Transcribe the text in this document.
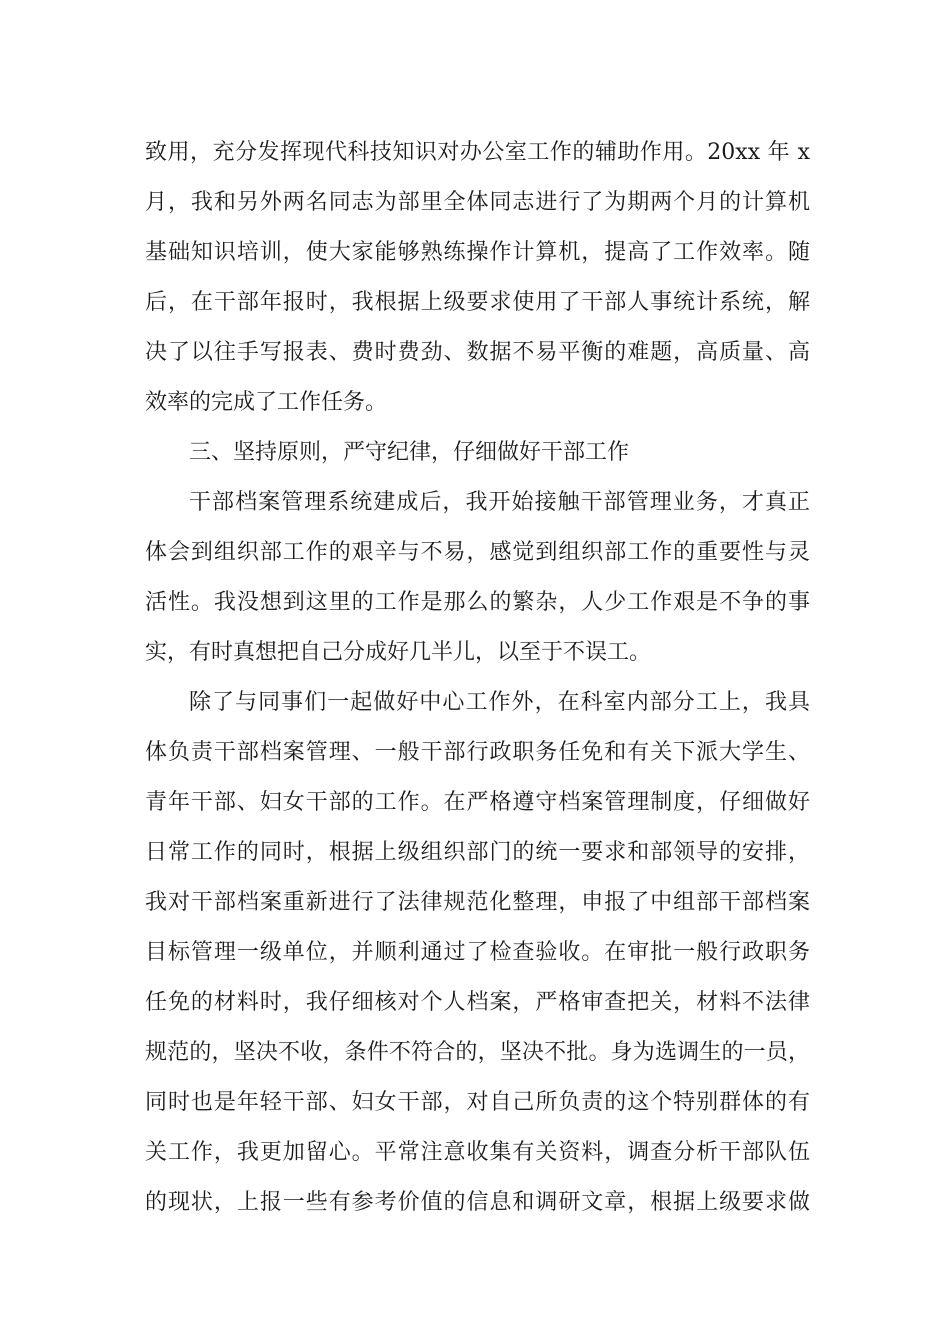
致用，充分发挥现代科技知识对办公室工作的辅助作用。20xx 年 x
月，我和另外两名同志为部里全体同志进行了为期两个月的计算机
基础知识培训，使大家能够熟练操作计算机，提高了工作效率。随
后，在干部年报时，我根据上级要求使用了干部人事统计系统，解
决了以往手写报表、费时费劲、数据不易平衡的难题，高质量、高
效率的完成了工作任务。
三、坚持原则，严守纪律，仔细做好干部工作
干部档案管理系统建成后，我开始接触干部管理业务，才真正
体会到组织部工作的艰辛与不易，感觉到组织部工作的重要性与灵
活性。我没想到这里的工作是那么的繁杂，人少工作艰是不争的事
实，有时真想把自己分成好几半儿，以至于不误工。
除了与同事们一起做好中心工作外，在科室内部分工上，我具
体负责干部档案管理、一般干部行政职务任免和有关下派大学生、
青年干部、妇女干部的工作。在严格遵守档案管理制度，仔细做好
日常工作的同时，根据上级组织部门的统一要求和部领导的安排，
我对干部档案重新进行了法律规范化整理，申报了中组部干部档案
目标管理一级单位，并顺利通过了检查验收。在审批一般行政职务
任免的材料时，我仔细核对个人档案，严格审查把关，材料不法律
规范的，坚决不收，条件不符合的，坚决不批。身为选调生的一员，
同时也是年轻干部、妇女干部，对自己所负责的这个特别群体的有
关工作，我更加留心。平常注意收集有关资料，调查分析干部队伍
的现状，上报一些有参考价值的信息和调研文章，根据上级要求做
